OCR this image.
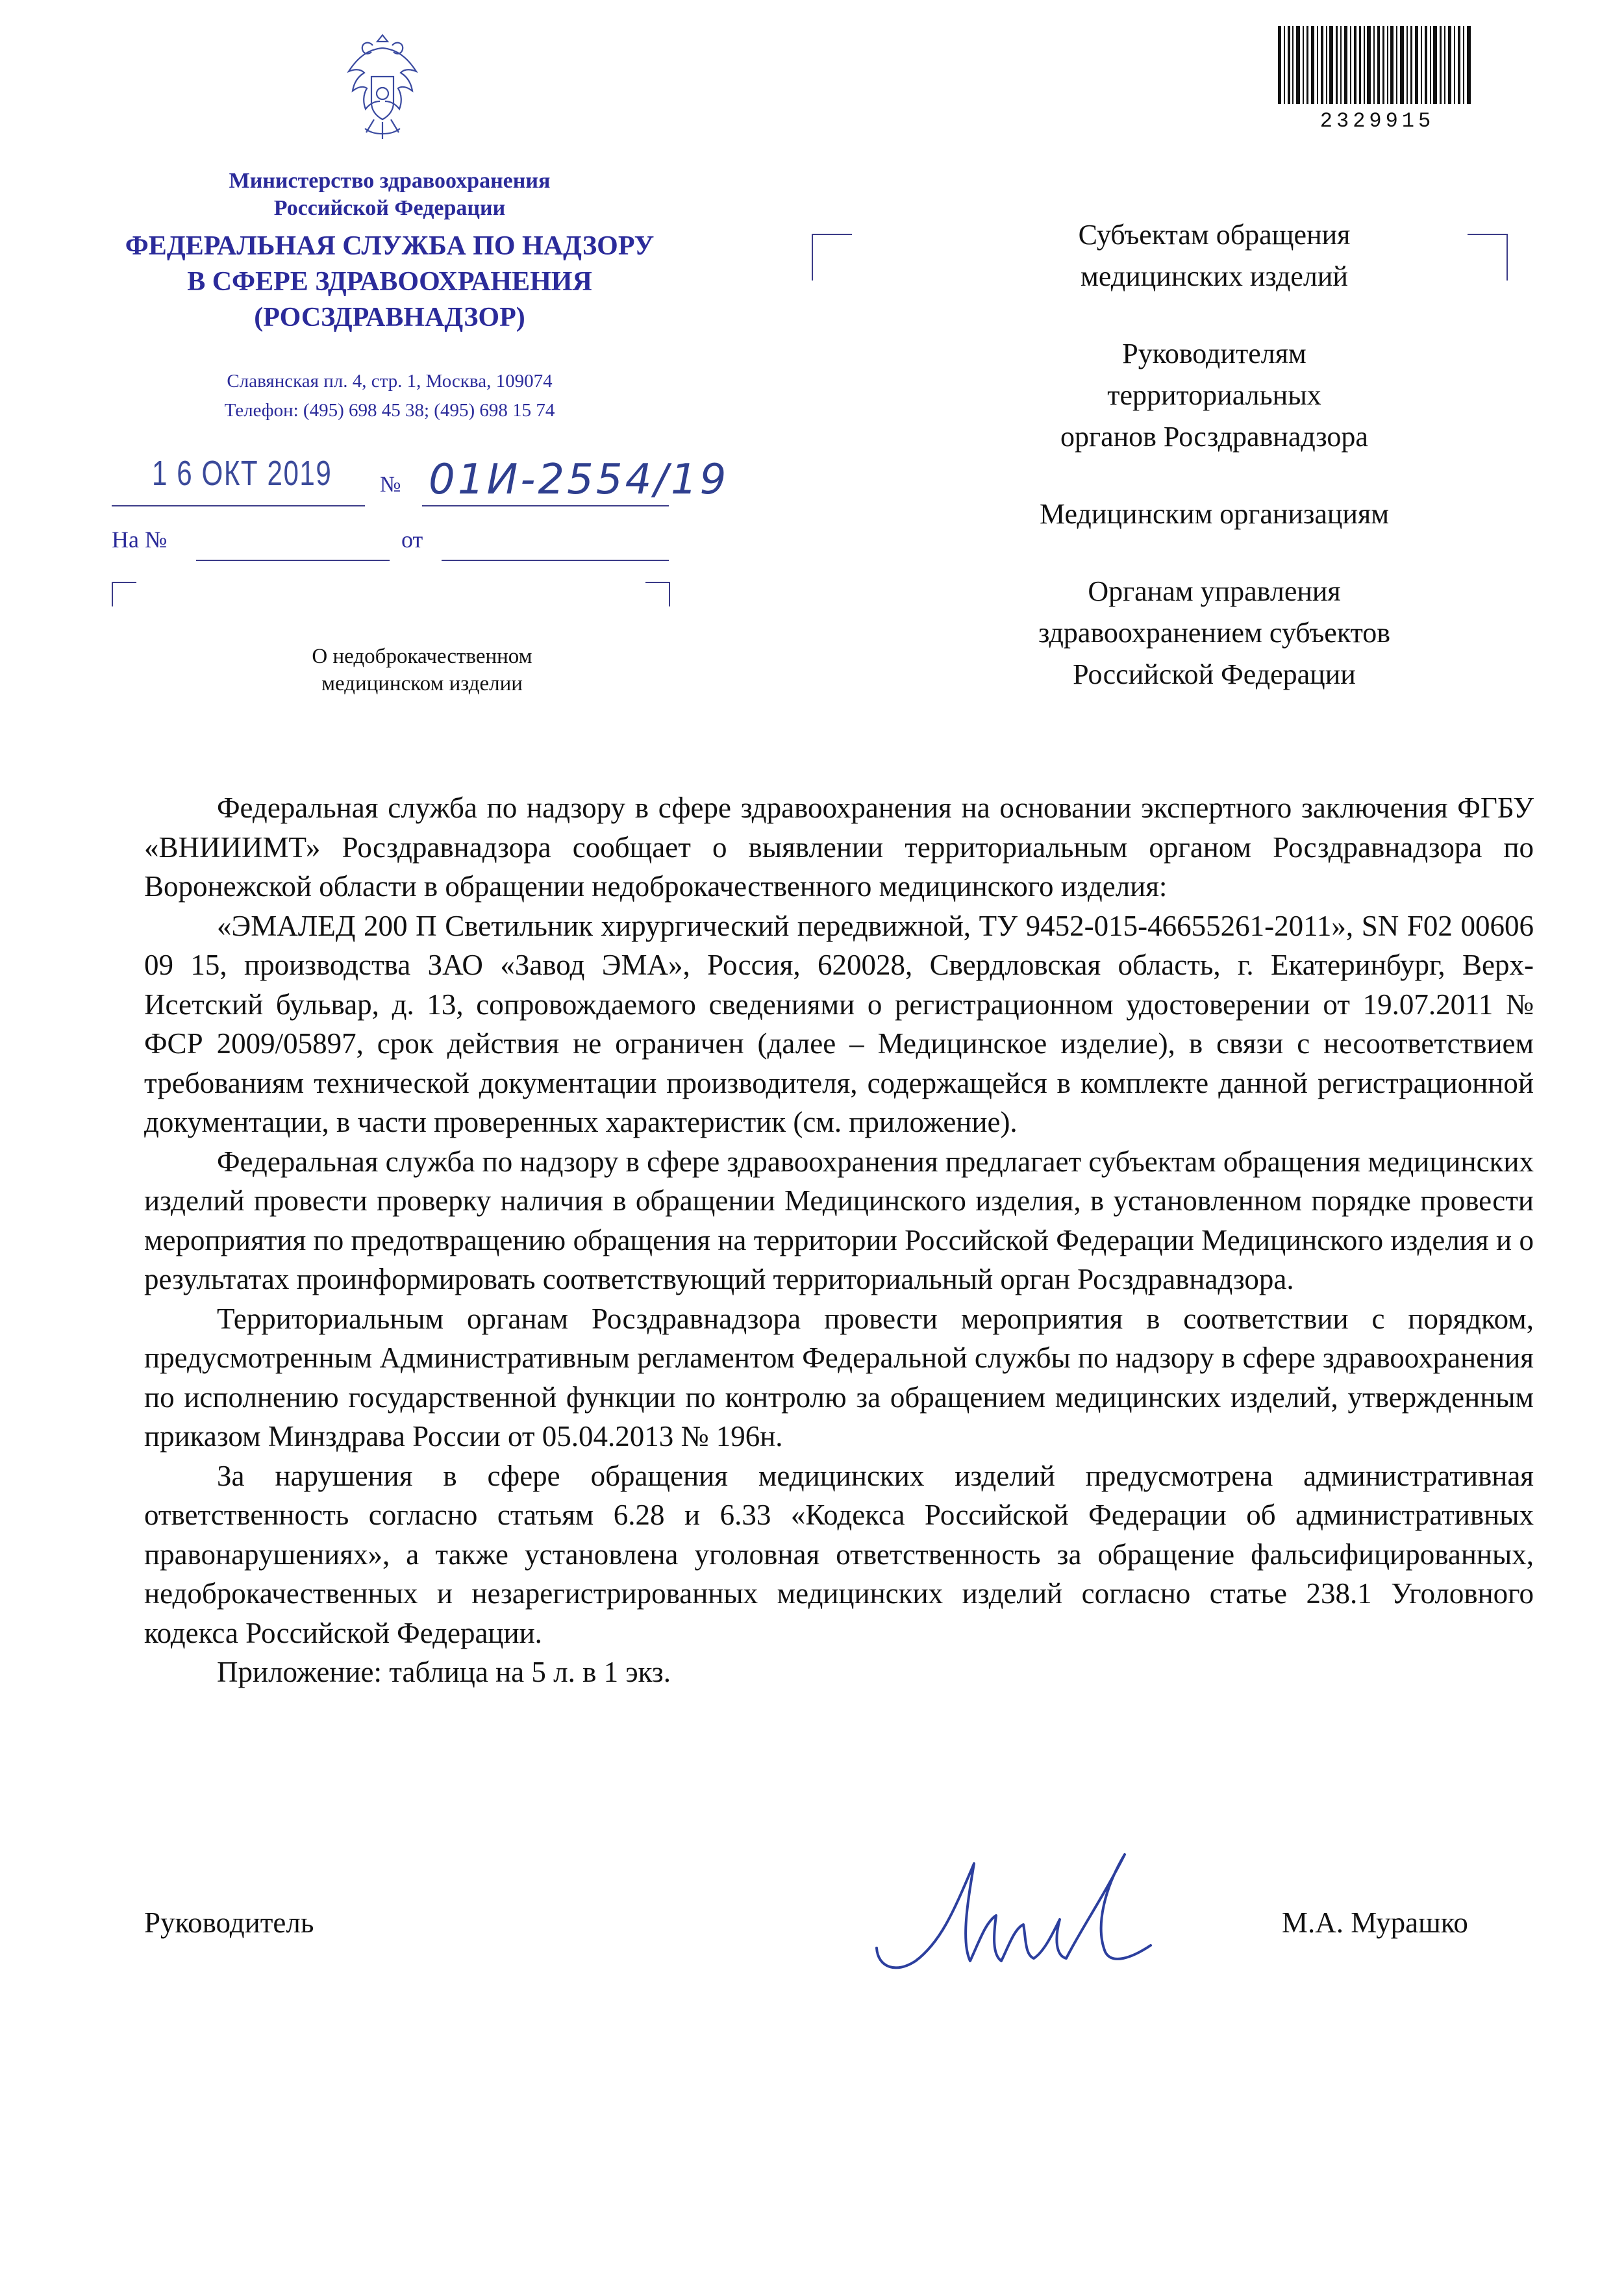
Министерство здравоохранения
Российской Федерации
ФЕДЕРАЛЬНАЯ СЛУЖБА ПО НАДЗОРУ
В СФЕРЕ ЗДРАВООХРАНЕНИЯ
(РОСЗДРАВНАДЗОР)
Славянская пл. 4, стр. 1, Москва, 109074
Телефон: (495) 698 45 38; (495) 698 15 74
1 6 ОКТ 2019 № 01И-2554/19
На №	от
О недоброкачественном
медицинском изделии
2329915

Субъектам обращения
медицинских изделий

Руководителям
территориальных
органов Росздравнадзора

Медицинским организациям

Органам управления
здравоохранением субъектов
Российской Федерации

Федеральная служба по надзору в сфере здравоохранения на основании экспертного заключения ФГБУ «ВНИИИМТ» Росздравнадзора сообщает о выявлении территориальным органом Росздравнадзора по Воронежской области в обращении недоброкачественного медицинского изделия:

«ЭМАЛЕД 200 П Светильник хирургический передвижной, ТУ 9452-015-46655261-2011», SN F02 00606 09 15, производства ЗАО «Завод ЭМА», Россия, 620028, Свердловская область, г. Екатеринбург, Верх-Исетский бульвар, д. 13, сопровождаемого сведениями о регистрационном удостоверении от 19.07.2011 № ФСР 2009/05897, срок действия не ограничен (далее – Медицинское изделие), в связи с несоответствием требованиям технической документации производителя, содержащейся в комплекте данной регистрационной документации, в части проверенных характеристик (см. приложение).

Федеральная служба по надзору в сфере здравоохранения предлагает субъектам обращения медицинских изделий провести проверку наличия в обращении Медицинского изделия, в установленном порядке провести мероприятия по предотвращению обращения на территории Российской Федерации Медицинского изделия и о результатах проинформировать соответствующий территориальный орган Росздравнадзора.

Территориальным органам Росздравнадзора провести мероприятия в соответствии с порядком, предусмотренным Административным регламентом Федеральной службы по надзору в сфере здравоохранения по исполнению государственной функции по контролю за обращением медицинских изделий, утвержденным приказом Минздрава России от 05.04.2013 № 196н.

За нарушения в сфере обращения медицинских изделий предусмотрена административная ответственность согласно статьям 6.28 и 6.33 «Кодекса Российской Федерации об административных правонарушениях», а также установлена уголовная ответственность за обращение фальсифицированных, недоброкачественных и незарегистрированных медицинских изделий согласно статье 238.1 Уголовного кодекса Российской Федерации.

Приложение: таблица на 5 л. в 1 экз.

Руководитель	М.А. Мурашко
